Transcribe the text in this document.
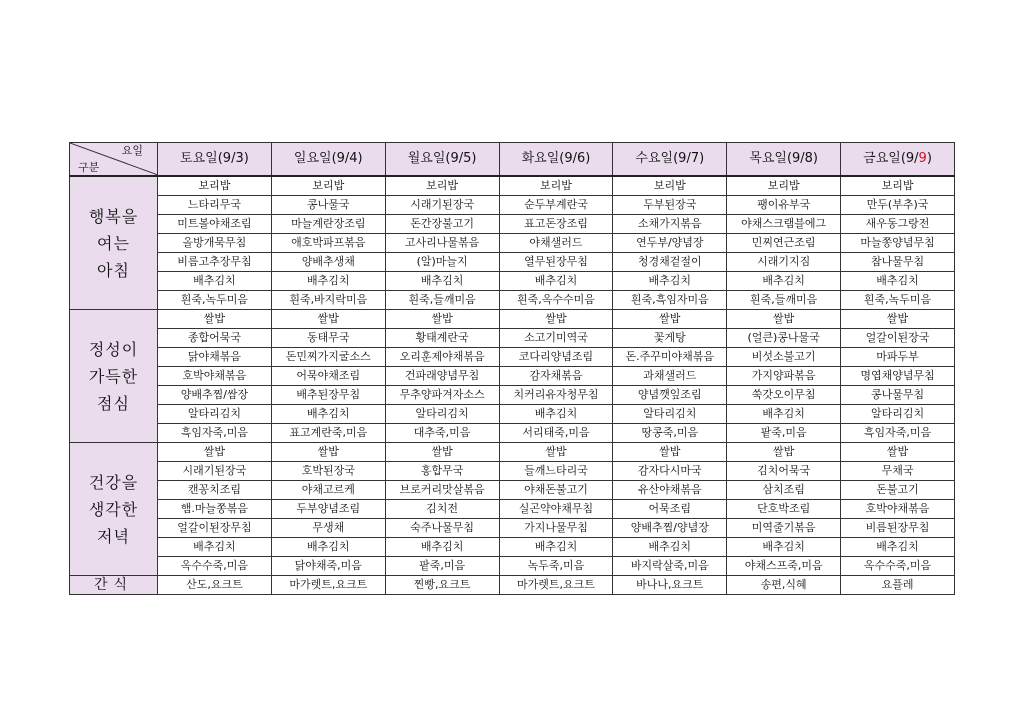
요일
구분	토요일(9/3)	일요일(9/4)	월요일(9/5)	화요일(9/6)	수요일(9/7)	목요일(9/8)	금요일(9/9)

행복을
여는
아침	보리밥	보리밥	보리밥	보리밥	보리밥	보리밥	보리밥
	느타리무국	콩나물국	시래기된장국	순두부계란국	두부된장국	팽이유부국	만두(부추)국
	미트볼야채조림	마늘계란장조림	돈간장불고기	표고돈장조림	소채가지볶음	야채스크램블에그	새우동그랑전
	올방개묵무침	애호박파프볶음	고사리나물볶음	야채샐러드	연두부/양념장	민찌연근조림	마늘쫑양념무침
	비름고추장무침	양배추생채	(알)마늘지	열무된장무침	청경채겉절이	시래기지짐	참나물무침
	배추김치	배추김치	배추김치	배추김치	배추김치	배추김치	배추김치
	흰죽,녹두미음	흰죽,바지락미음	흰죽,들깨미음	흰죽,옥수수미음	흰죽,흑임자미음	흰죽,들깨미음	흰죽,녹두미음

정성이
가득한
점심	쌀밥	쌀밥	쌀밥	쌀밥	쌀밥	쌀밥	쌀밥
	종합어묵국	동태무국	황태계란국	소고기미역국	꽃게탕	(얼큰)콩나물국	얼갈이된장국
	닭야채볶음	돈민찌가지굴소스	오리훈제야채볶음	코다리양념조림	돈.주꾸미야채볶음	비섯소불고기	마파두부
	호박야채볶음	어묵야채조림	건파래양념무침	감자채볶음	과채샐러드	가지양파볶음	명엽채양념무침
	양배추찜/쌈장	배추된장무침	무추양파겨자소스	치커리유자청무침	양념깻잎조림	쑥갓오이무침	콩나물무침
	알타리김치	배추김치	알타리김치	배추김치	알타리김치	배추김치	알타리김치
	흑임자죽,미음	표고계란죽,미음	대추죽,미음	서리태죽,미음	땅콩죽,미음	팥죽,미음	흑임자죽,미음

건강을
생각한
저녁	쌀밥	쌀밥	쌀밥	쌀밥	쌀밥	쌀밥	쌀밥
	시래기된장국	호박된장국	홍합무국	들깨느타리국	감자다시마국	김치어묵국	무채국
	캔꽁치조림	야채고르케	브로커리맛살볶음	야채돈불고기	유산야채볶음	삼치조림	돈불고기
	햄.마늘쫑볶음	두부양념조림	김치전	실곤약야채무침	어묵조림	단호박조림	호박야채볶음
	얼갈이된장무침	무생채	숙주나물무침	가지나물무침	양배추찜/양념장	미역줄기볶음	비름된장무침
	배추김치	배추김치	배추김치	배추김치	배추김치	배추김치	배추김치
	옥수수죽,미음	닭야채죽,미음	팥죽,미음	녹두죽,미음	바지락살죽,미음	야채스프죽,미음	옥수수죽,미음
간식	산도,요크트	마가렛트,요크트	찐빵,요크트	마가렛트,요크트	바나나,요크트	송편,식혜	요플레
